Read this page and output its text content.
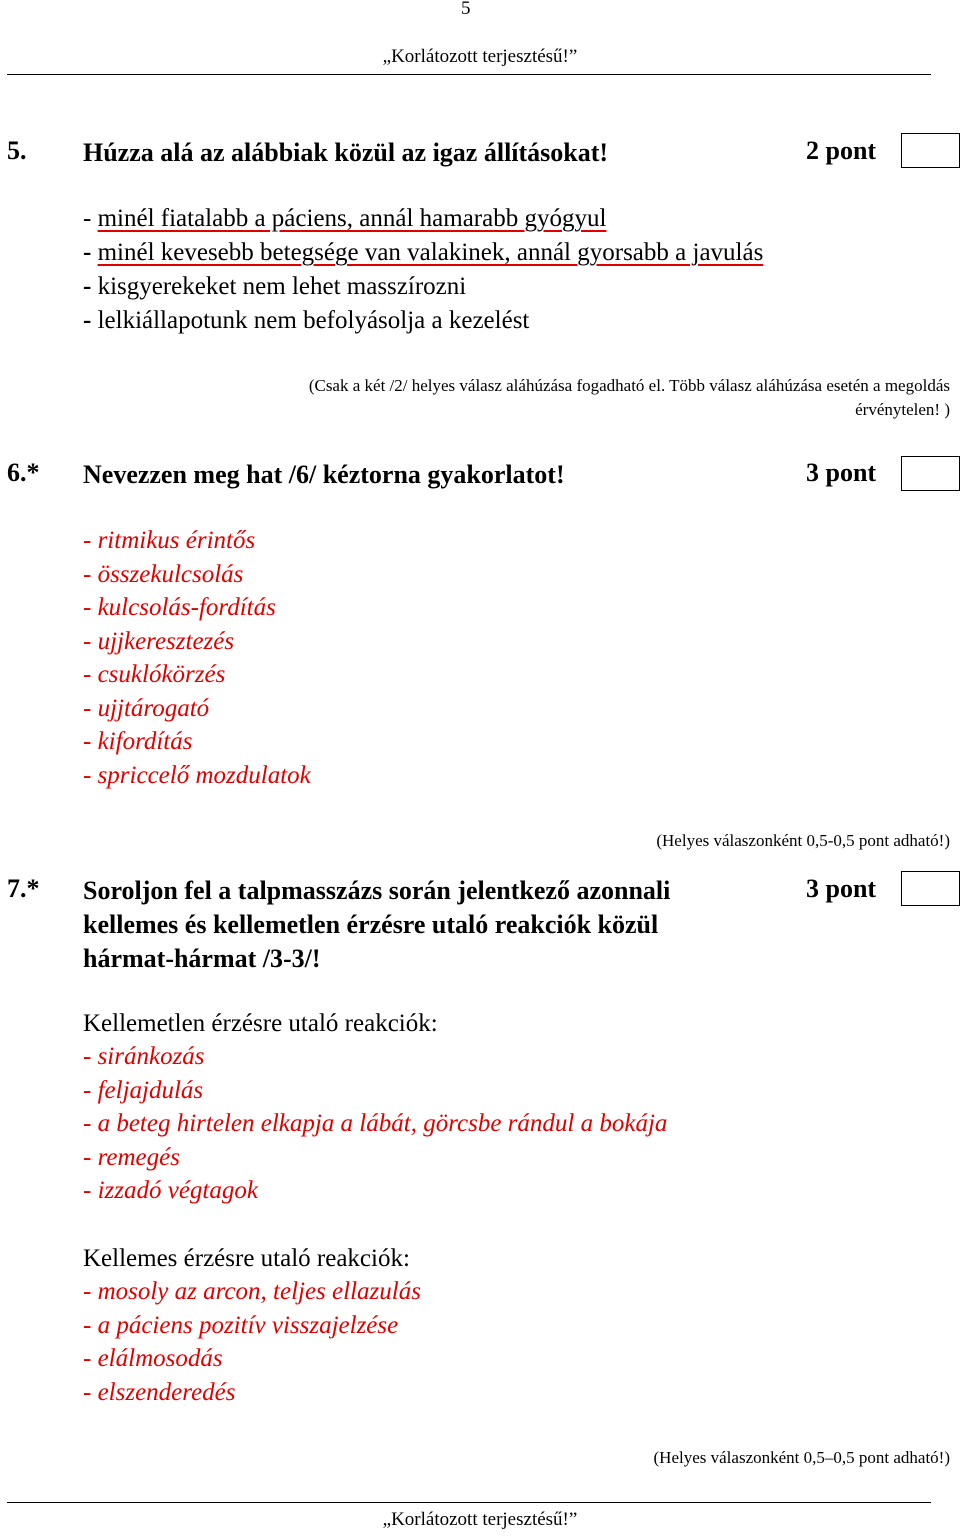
5
„Korlátozott terjesztésű!”
5. Húzza alá az alábbiak közül az igaz állításokat!	2 pont
- minél fiatalabb a páciens, annál hamarabb gyógyul
- minél kevesebb betegsége van valakinek, annál gyorsabb a javulás
- kisgyerekeket nem lehet masszírozni
- lelkiállapotunk nem befolyásolja a kezelést
(Csak a két /2/ helyes válasz aláhúzása fogadható el. Több válasz aláhúzása esetén a megoldás
érvénytelen! )
6.* Nevezzen meg hat /6/ kéztorna gyakorlatot!	3 pont
- ritmikus érintős
- összekulcsolás
- kulcsolás-fordítás
- ujjkeresztezés
- csuklókörzés
- ujjtárogató
- kifordítás
- spriccelő mozdulatok
(Helyes válaszonként 0,5-0,5 pont adható!)
7.* Soroljon fel a talpmasszázs során jelentkező azonnali
kellemes és kellemetlen érzésre utaló reakciók közül
hármat-hármat /3-3/!
3 pont
Kellemetlen érzésre utaló reakciók:
- siránkozás
- feljajdulás
- a beteg hirtelen elkapja a lábát, görcsbe rándul a bokája
- remegés
- izzadó végtagok
Kellemes érzésre utaló reakciók:
- mosoly az arcon, teljes ellazulás
- a páciens pozitív visszajelzése
- elálmosodás
- elszenderedés
(Helyes válaszonként 0,5–0,5 pont adható!)
„Korlátozott terjesztésű!”
